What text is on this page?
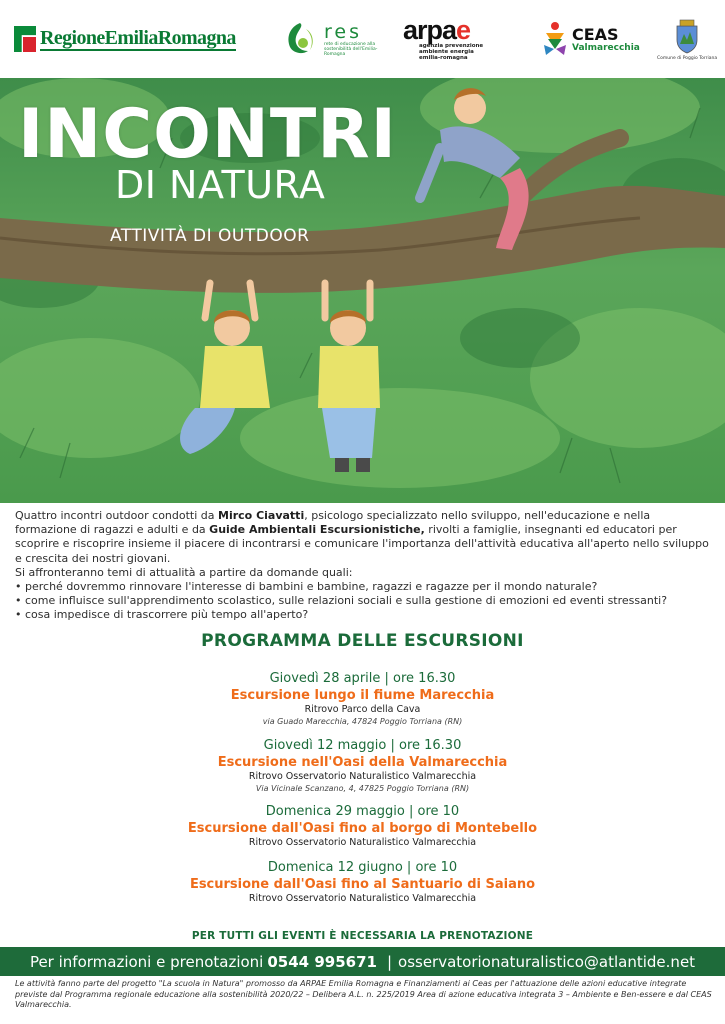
RegioneEmiliaRomagna	res
rete di educazione alla sostenibilità dell'Emilia-Romagna
arpae
agenzia prevenzione ambiente energia emilia-romagna
CEAS
Valmarecchia
Comune di Poggio Torriana
INCONTRI
DI NATURA
ATTIVITÀ DI OUTDOOR

Quattro incontri outdoor condotti da Mirco Ciavatti, psicologo specializzato nello sviluppo, nell'educazione e nella formazione di ragazzi e adulti e da Guide Ambientali Escursionistiche, rivolti a famiglie, insegnanti ed educatori per scoprire e riscoprire insieme il piacere di incontrarsi e comunicare l'importanza dell'attività educativa all'aperto nello sviluppo e crescita dei nostri giovani.

Si affronteranno temi di attualità a partire da domande quali:

• perché dovremmo rinnovare l'interesse di bambini e bambine, ragazzi e ragazze per il mondo naturale?
• come influisce sull'apprendimento scolastico, sulle relazioni sociali e sulla gestione di emozioni ed eventi stressanti?
• cosa impedisce di trascorrere più tempo all'aperto?
PROGRAMMA DELLE ESCURSIONI
Giovedì 28 aprile | ore 16.30
Escursione lungo il fiume Marecchia
Ritrovo Parco della Cava
via Guado Marecchia, 47824 Poggio Torriana (RN)
Giovedì 12 maggio | ore 16.30
Escursione nell'Oasi della Valmarecchia
Ritrovo Osservatorio Naturalistico Valmarecchia
Via Vicinale Scanzano, 4, 47825 Poggio Torriana (RN)
Domenica 29 maggio | ore 10
Escursione dall'Oasi fino al borgo di Montebello
Ritrovo Osservatorio Naturalistico Valmarecchia
Domenica 12 giugno | ore 10
Escursione dall'Oasi fino al Santuario di Saiano
Ritrovo Osservatorio Naturalistico Valmarecchia
PER TUTTI GLI EVENTI È NECESSARIA LA PRENOTAZIONE
Per informazioni e prenotazioni 0544 995671 | osservatorionaturalistico@atlantide.net
Le attività fanno parte del progetto "La scuola in Natura" promosso da ARPAE Emilia Romagna e Finanziamenti ai Ceas per l'attuazione delle azioni educative integrate previste dal Programma regionale educazione alla sostenibilità 2020/22 – Delibera A.L. n. 225/2019 Area di azione educativa integrata 3 – Ambiente e Ben-essere e dal CEAS Valmarecchia.
